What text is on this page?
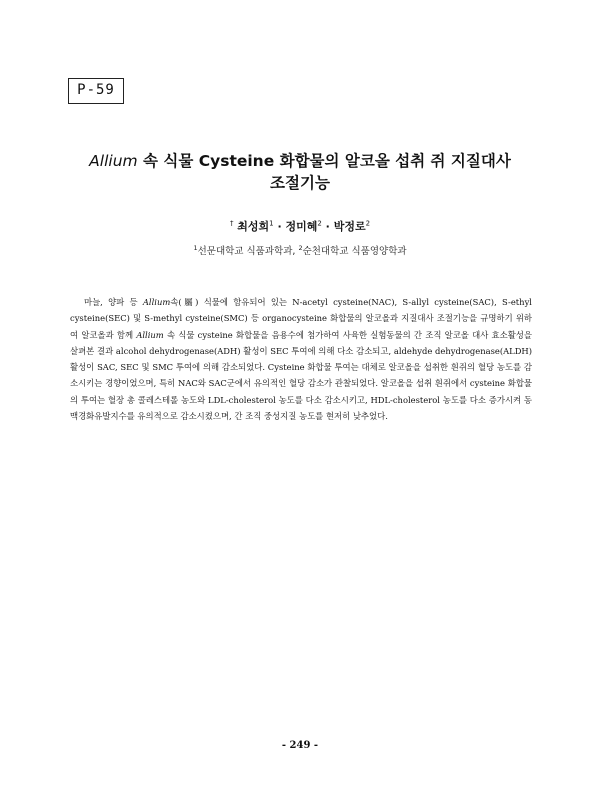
P-59
Allium 속 식물 Cysteine 화합물의 알코올 섭취 쥐 지질대사
조절기능
† 최성희$^1$ · 정미혜$^2$ · 박정로$^2$
$^1$선문대학교 식품과학과, $^2$순천대학교 식품영양학과
마늘, 양파 등 Allium속(屬) 식물에 함유되어 있는 N-acetyl cysteine(NAC), S-allyl cysteine(SAC), S-ethyl cysteine(SEC) 및 S-methyl cysteine(SMC) 등 organocysteine 화합물의 알코올과 지질대사 조절기능을 규명하기 위하여 알코올과 함께 Allium 속 식물 cysteine 화합물을 음용수에 첨가하여 사육한 실험동물의 간 조직 알코올 대사 효소활성을 살펴본 결과 alcohol dehydrogenase(ADH) 활성이 SEC 투여에 의해 다소 감소되고, aldehyde dehydrogenase(ALDH) 활성이 SAC, SEC 및 SMC 투여에 의해 감소되었다. Cysteine 화합물 투여는 대체로 알코올을 섭취한 흰쥐의 혈당 농도를 감소시키는 경향이었으며, 특히 NAC와 SAC군에서 유의적인 혈당 감소가 관찰되었다. 알코올을 섭취 흰쥐에서 cysteine 화합물의 투여는 혈장 총 콜레스테롤 농도와 LDL-cholesterol 농도를 다소 감소시키고, HDL-cholesterol 농도를 다소 증가시켜 동맥경화유발지수를 유의적으로 감소시켰으며, 간 조직 중성지질 농도를 현저히 낮추었다.
- 249 -
